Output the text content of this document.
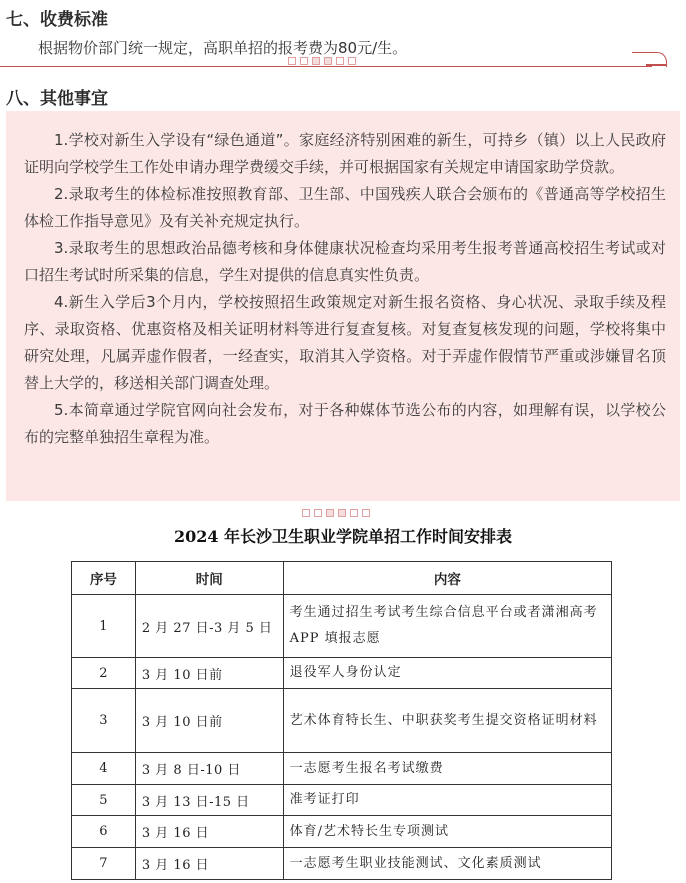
七、收费标准
根据物价部门统一规定，高职单招的报考费为80元/生。
八、其他事宜

1.学校对新生入学设有“绿色通道”。家庭经济特别困难的新生，可持乡（镇）以上人民政府证明向学校学生工作处申请办理学费缓交手续，并可根据国家有关规定申请国家助学贷款。

2.录取考生的体检标准按照教育部、卫生部、中国残疾人联合会颁布的《普通高等学校招生体检工作指导意见》及有关补充规定执行。

3.录取考生的思想政治品德考核和身体健康状况检查均采用考生报考普通高校招生考试或对口招生考试时所采集的信息，学生对提供的信息真实性负责。

4.新生入学后3个月内，学校按照招生政策规定对新生报名资格、身心状况、录取手续及程序、录取资格、优惠资格及相关证明材料等进行复查复核。对复查复核发现的问题，学校将集中研究处理，凡属弄虚作假者，一经查实，取消其入学资格。对于弄虚作假情节严重或涉嫌冒名顶替上大学的，移送相关部门调查处理。

5.本简章通过学院官网向社会发布，对于各种媒体节选公布的内容，如理解有误，以学校公布的完整单独招生章程为准。

2024 年长沙卫生职业学院单招工作时间安排表
序号	时间	内容
1	2 月 27 日-3 月 5 日	考生通过招生考试考生综合信息平台或者潇湘高考 APP 填报志愿
2	3 月 10 日前	退役军人身份认定
3	3 月 10 日前	艺术体育特长生、中职获奖考生提交资格证明材料
4	3 月 8 日-10 日	一志愿考生报名考试缴费
5	3 月 13 日-15 日	准考证打印
6	3 月 16 日	体育/艺术特长生专项测试
7	3 月 16 日	一志愿考生职业技能测试、文化素质测试
